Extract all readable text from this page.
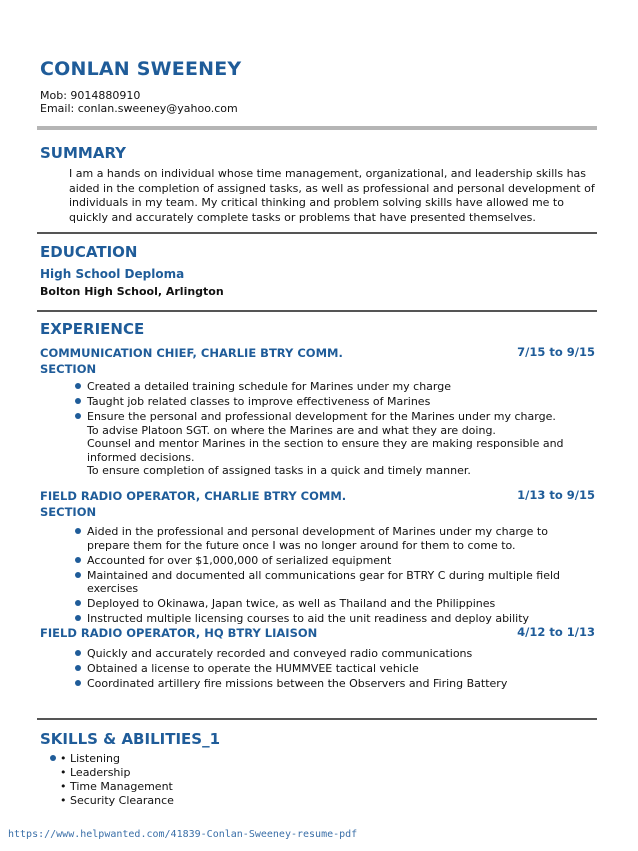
CONLAN SWEENEY
Mob: 9014880910
Email: conlan.sweeney@yahoo.com
SUMMARY
I am a hands on individual whose time management, organizational, and leadership skills has aided in the completion of assigned tasks, as well as professional and personal development of individuals in my team. My critical thinking and problem solving skills have allowed me to quickly and accurately complete tasks or problems that have presented themselves.
EDUCATION
High School Deploma
Bolton High School, Arlington
EXPERIENCE
COMMUNICATION CHIEF, CHARLIE BTRY COMM. SECTION
7/15 to 9/15
Created a detailed training schedule for Marines under my charge
Taught job related classes to improve effectiveness of Marines
Ensure the personal and professional development for the Marines under my charge.
To advise Platoon SGT. on where the Marines are and what they are doing.
Counsel and mentor Marines in the section to ensure they are making responsible and informed decisions.
To ensure completion of assigned tasks in a quick and timely manner.
FIELD RADIO OPERATOR, CHARLIE BTRY COMM. SECTION
1/13 to 9/15
Aided in the professional and personal development of Marines under my charge to prepare them for the future once I was no longer around for them to come to.
Accounted for over $1,000,000 of serialized equipment
Maintained and documented all communications gear for BTRY C during multiple field exercises
Deployed to Okinawa, Japan twice, as well as Thailand and the Philippines
Instructed multiple licensing courses to aid the unit readiness and deploy ability
FIELD RADIO OPERATOR, HQ BTRY LIAISON	4/12 to 1/13
Quickly and accurately recorded and conveyed radio communications
Obtained a license to operate the HUMMVEE tactical vehicle
Coordinated artillery fire missions between the Observers and Firing Battery
SKILLS & ABILITIES_1
• Listening
• Leadership
• Time Management
• Security Clearance
https://www.helpwanted.com/41839-Conlan-Sweeney-resume-pdf
